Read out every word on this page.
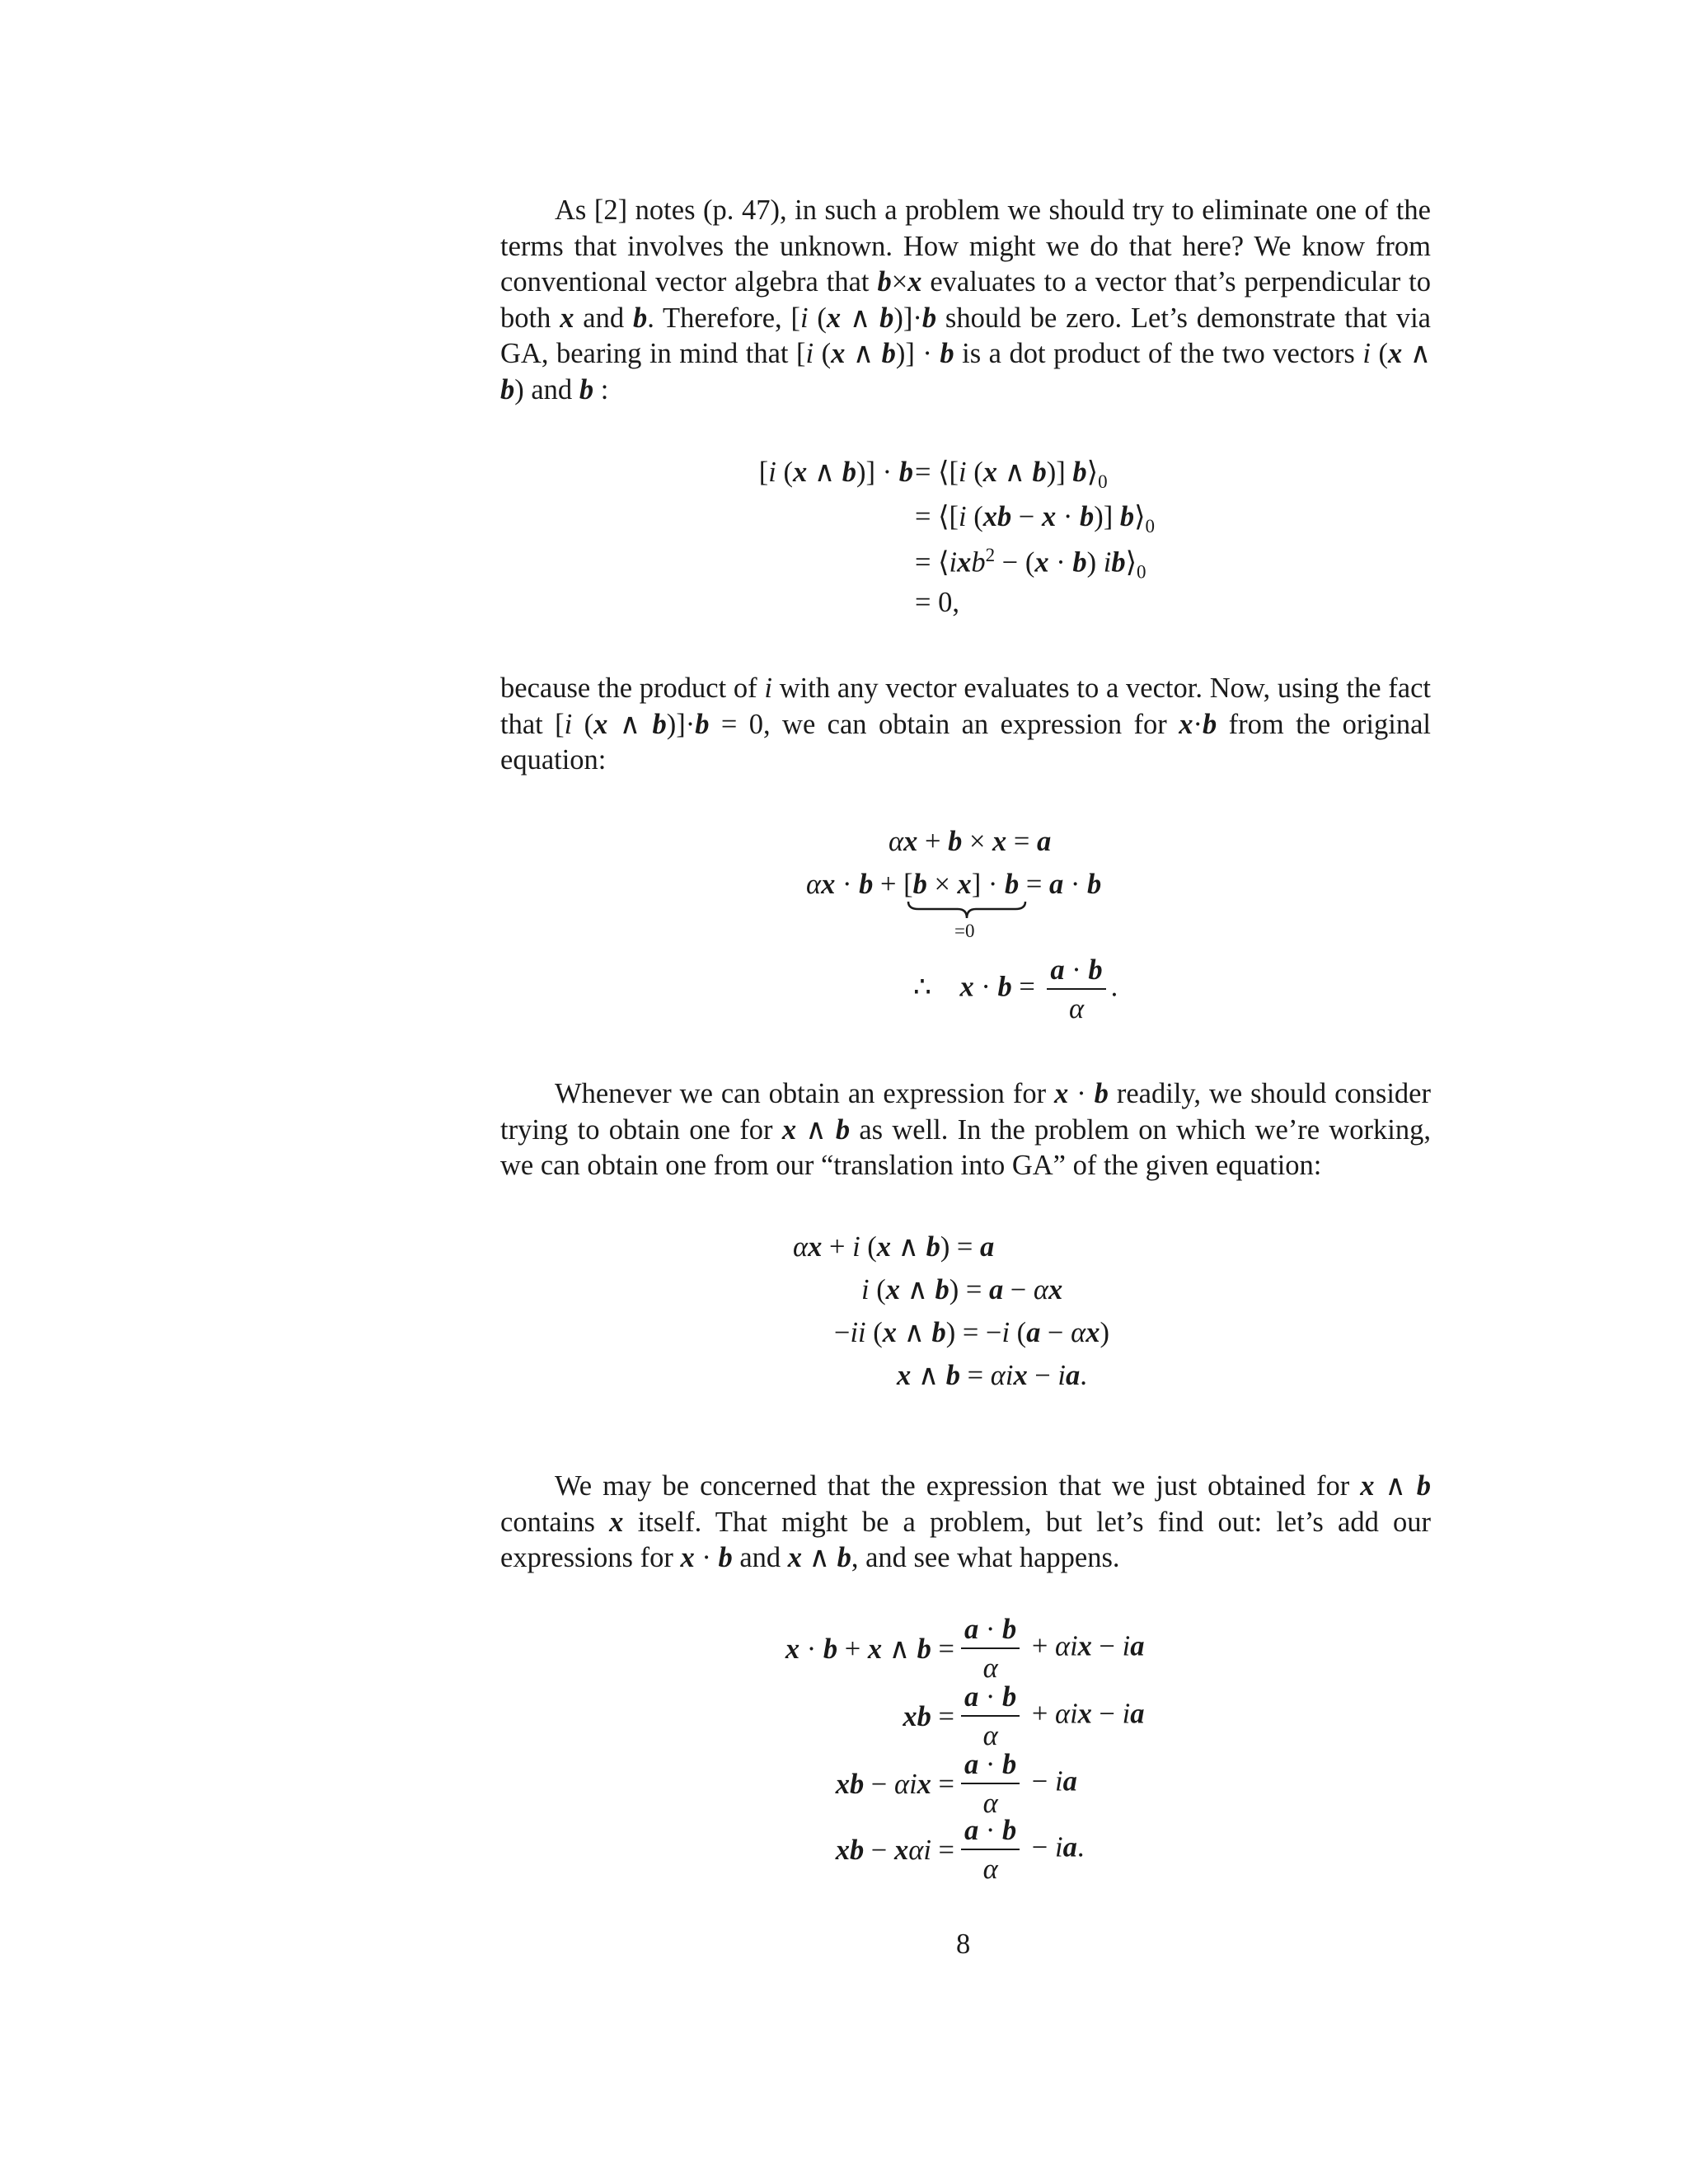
As [2] notes (p. 47), in such a problem we should try to eliminate one of the terms that involves the unknown. How might we do that here? We know from conventional vector algebra that b×x evaluates to a vector that’s perpendicular to both x and b. Therefore, [i (x ∧ b)]·b should be zero. Let’s demonstrate that via GA, bearing in mind that [i (x ∧ b)] · b is a dot product of the two vectors i (x ∧ b) and b :

[i (x ∧ b)] · b = ⟨[i (x ∧ b)] $b⟩_0$
= ⟨[i (xb − x · b)] $b⟩_0$
= ⟨ixb$^2$ − (x · b) $ib⟩_0$
= 0,

because the product of i with any vector evaluates to a vector. Now, using the fact that [i (x ∧ b)]·b = 0, we can obtain an expression for x·b from the original equation:

αx + b × x = a
αx · b + [b × x] · b = a · b
=0
∴    $x \cdot b = \frac{a \cdot b}{\alpha}$ .

Whenever we can obtain an expression for x · b readily, we should consider trying to obtain one for x ∧ b as well. In the problem on which we’re working, we can obtain one from our “translation into GA” of the given equation:

αx + i (x ∧ b) = a
i (x ∧ b) = a − αx
−ii (x ∧ b) = −i (a − αx)
x ∧ b = αix − ia.

We may be concerned that the expression that we just obtained for x ∧ b contains x itself. That might be a problem, but let’s find out: let’s add our expressions for x · b and x ∧ b, and see what happens.

x · b + x ∧ $b = \frac{a \cdot b}{\alpha} + \alpha ix$ − ia
xb = $\frac{a \cdot b}{\alpha} + \alpha ix$ − ia
xb − $\alpha ix = \frac{a \cdot b}{\alpha}$ − ia
xb − $x\alpha i = \frac{a \cdot b}{\alpha}$ − ia.
8
